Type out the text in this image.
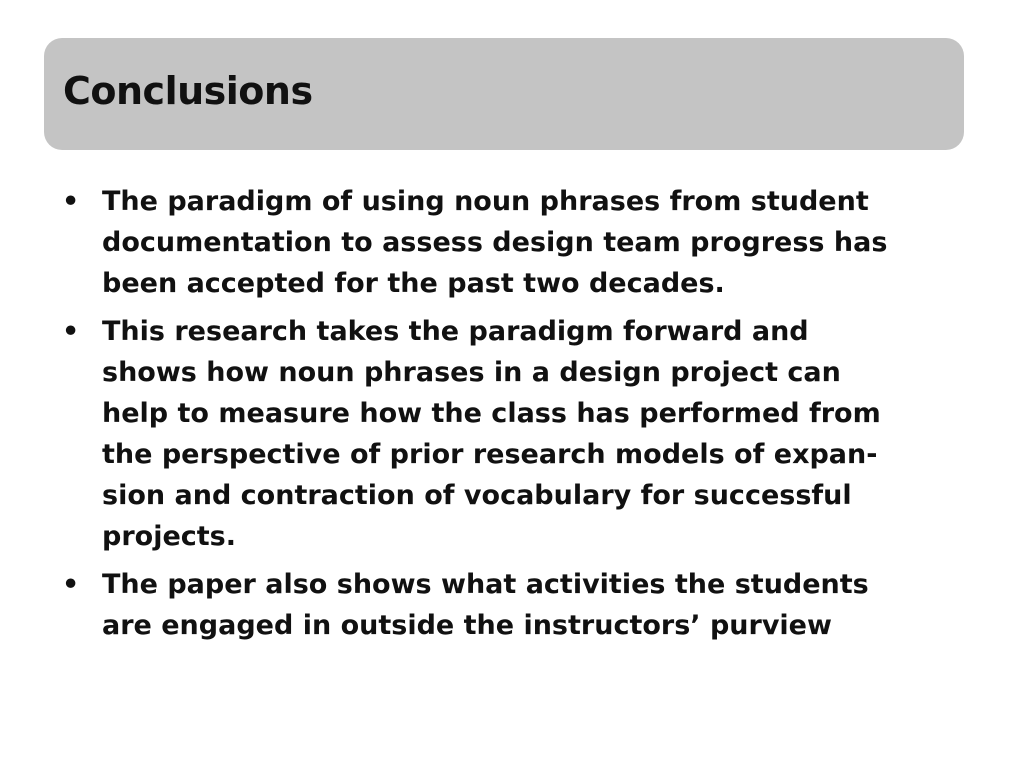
Conclusions
• The paradigm of using noun phrases from student
documentation to assess design team progress has
been accepted for the past two decades.
• This research takes the paradigm forward and
shows how noun phrases in a design project can
help to measure how the class has performed from
the perspective of prior research models of expan-
sion and contraction of vocabulary for successful
projects.
• The paper also shows what activities the students
are engaged in outside the instructors’ purview
